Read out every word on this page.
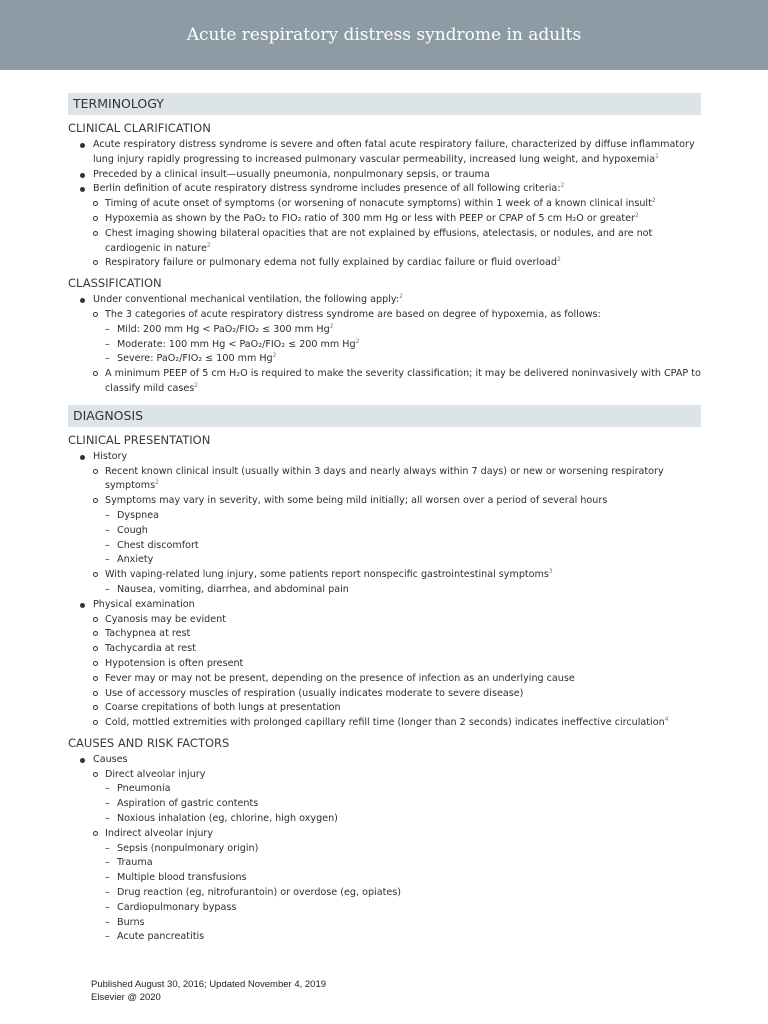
Acute respiratory distress syndrome in adults
TERMINOLOGY
CLINICAL CLARIFICATION
Acute respiratory distress syndrome is severe and often fatal acute respiratory failure, characterized by diffuse inflammatory lung injury rapidly progressing to increased pulmonary vascular permeability, increased lung weight, and hypoxemia$^1$
Preceded by a clinical insult—usually pneumonia, nonpulmonary sepsis, or trauma
Berlin definition of acute respiratory distress syndrome includes presence of all following criteria:$^2$
Timing of acute onset of symptoms (or worsening of nonacute symptoms) within 1 week of a known clinical insult$^2$
Hypoxemia as shown by the PaO₂ to FIO₂ ratio of 300 mm Hg or less with PEEP or CPAP of 5 cm H₂O or greater$^2$
Chest imaging showing bilateral opacities that are not explained by effusions, atelectasis, or nodules, and are not cardiogenic in nature$^2$
Respiratory failure or pulmonary edema not fully explained by cardiac failure or fluid overload$^2$
CLASSIFICATION
Under conventional mechanical ventilation, the following apply:$^2$
The 3 categories of acute respiratory distress syndrome are based on degree of hypoxemia, as follows:
– Mild: 200 mm Hg < PaO₂/FIO₂ ≤ 300 mm Hg$^2$
– Moderate: 100 mm Hg < PaO₂/FIO₂ ≤ 200 mm Hg$^2$
– Severe: PaO₂/FIO₂ ≤ 100 mm Hg$^2$
A minimum PEEP of 5 cm H₂O is required to make the severity classification; it may be delivered noninvasively with CPAP to classify mild cases$^2$
DIAGNOSIS
CLINICAL PRESENTATION
History
Recent known clinical insult (usually within 3 days and nearly always within 7 days) or new or worsening respiratory symptoms$^2$
Symptoms may vary in severity, with some being mild initially; all worsen over a period of several hours
– Dyspnea
– Cough
– Chest discomfort
– Anxiety
With vaping-related lung injury, some patients report nonspecific gastrointestinal symptoms$^3$
– Nausea, vomiting, diarrhea, and abdominal pain
Physical examination
Cyanosis may be evident
Tachypnea at rest
Tachycardia at rest
Hypotension is often present
Fever may or may not be present, depending on the presence of infection as an underlying cause
Use of accessory muscles of respiration (usually indicates moderate to severe disease)
Coarse crepitations of both lungs at presentation
Cold, mottled extremities with prolonged capillary refill time (longer than 2 seconds) indicates ineffective circulation$^4$
CAUSES AND RISK FACTORS
Causes
Direct alveolar injury
– Pneumonia
– Aspiration of gastric contents
– Noxious inhalation (eg, chlorine, high oxygen)
Indirect alveolar injury
– Sepsis (nonpulmonary origin)
– Trauma
– Multiple blood transfusions
– Drug reaction (eg, nitrofurantoin) or overdose (eg, opiates)
– Cardiopulmonary bypass
– Burns
– Acute pancreatitis
Published August 30, 2016; Updated November 4, 2019
Elsevier @ 2020
